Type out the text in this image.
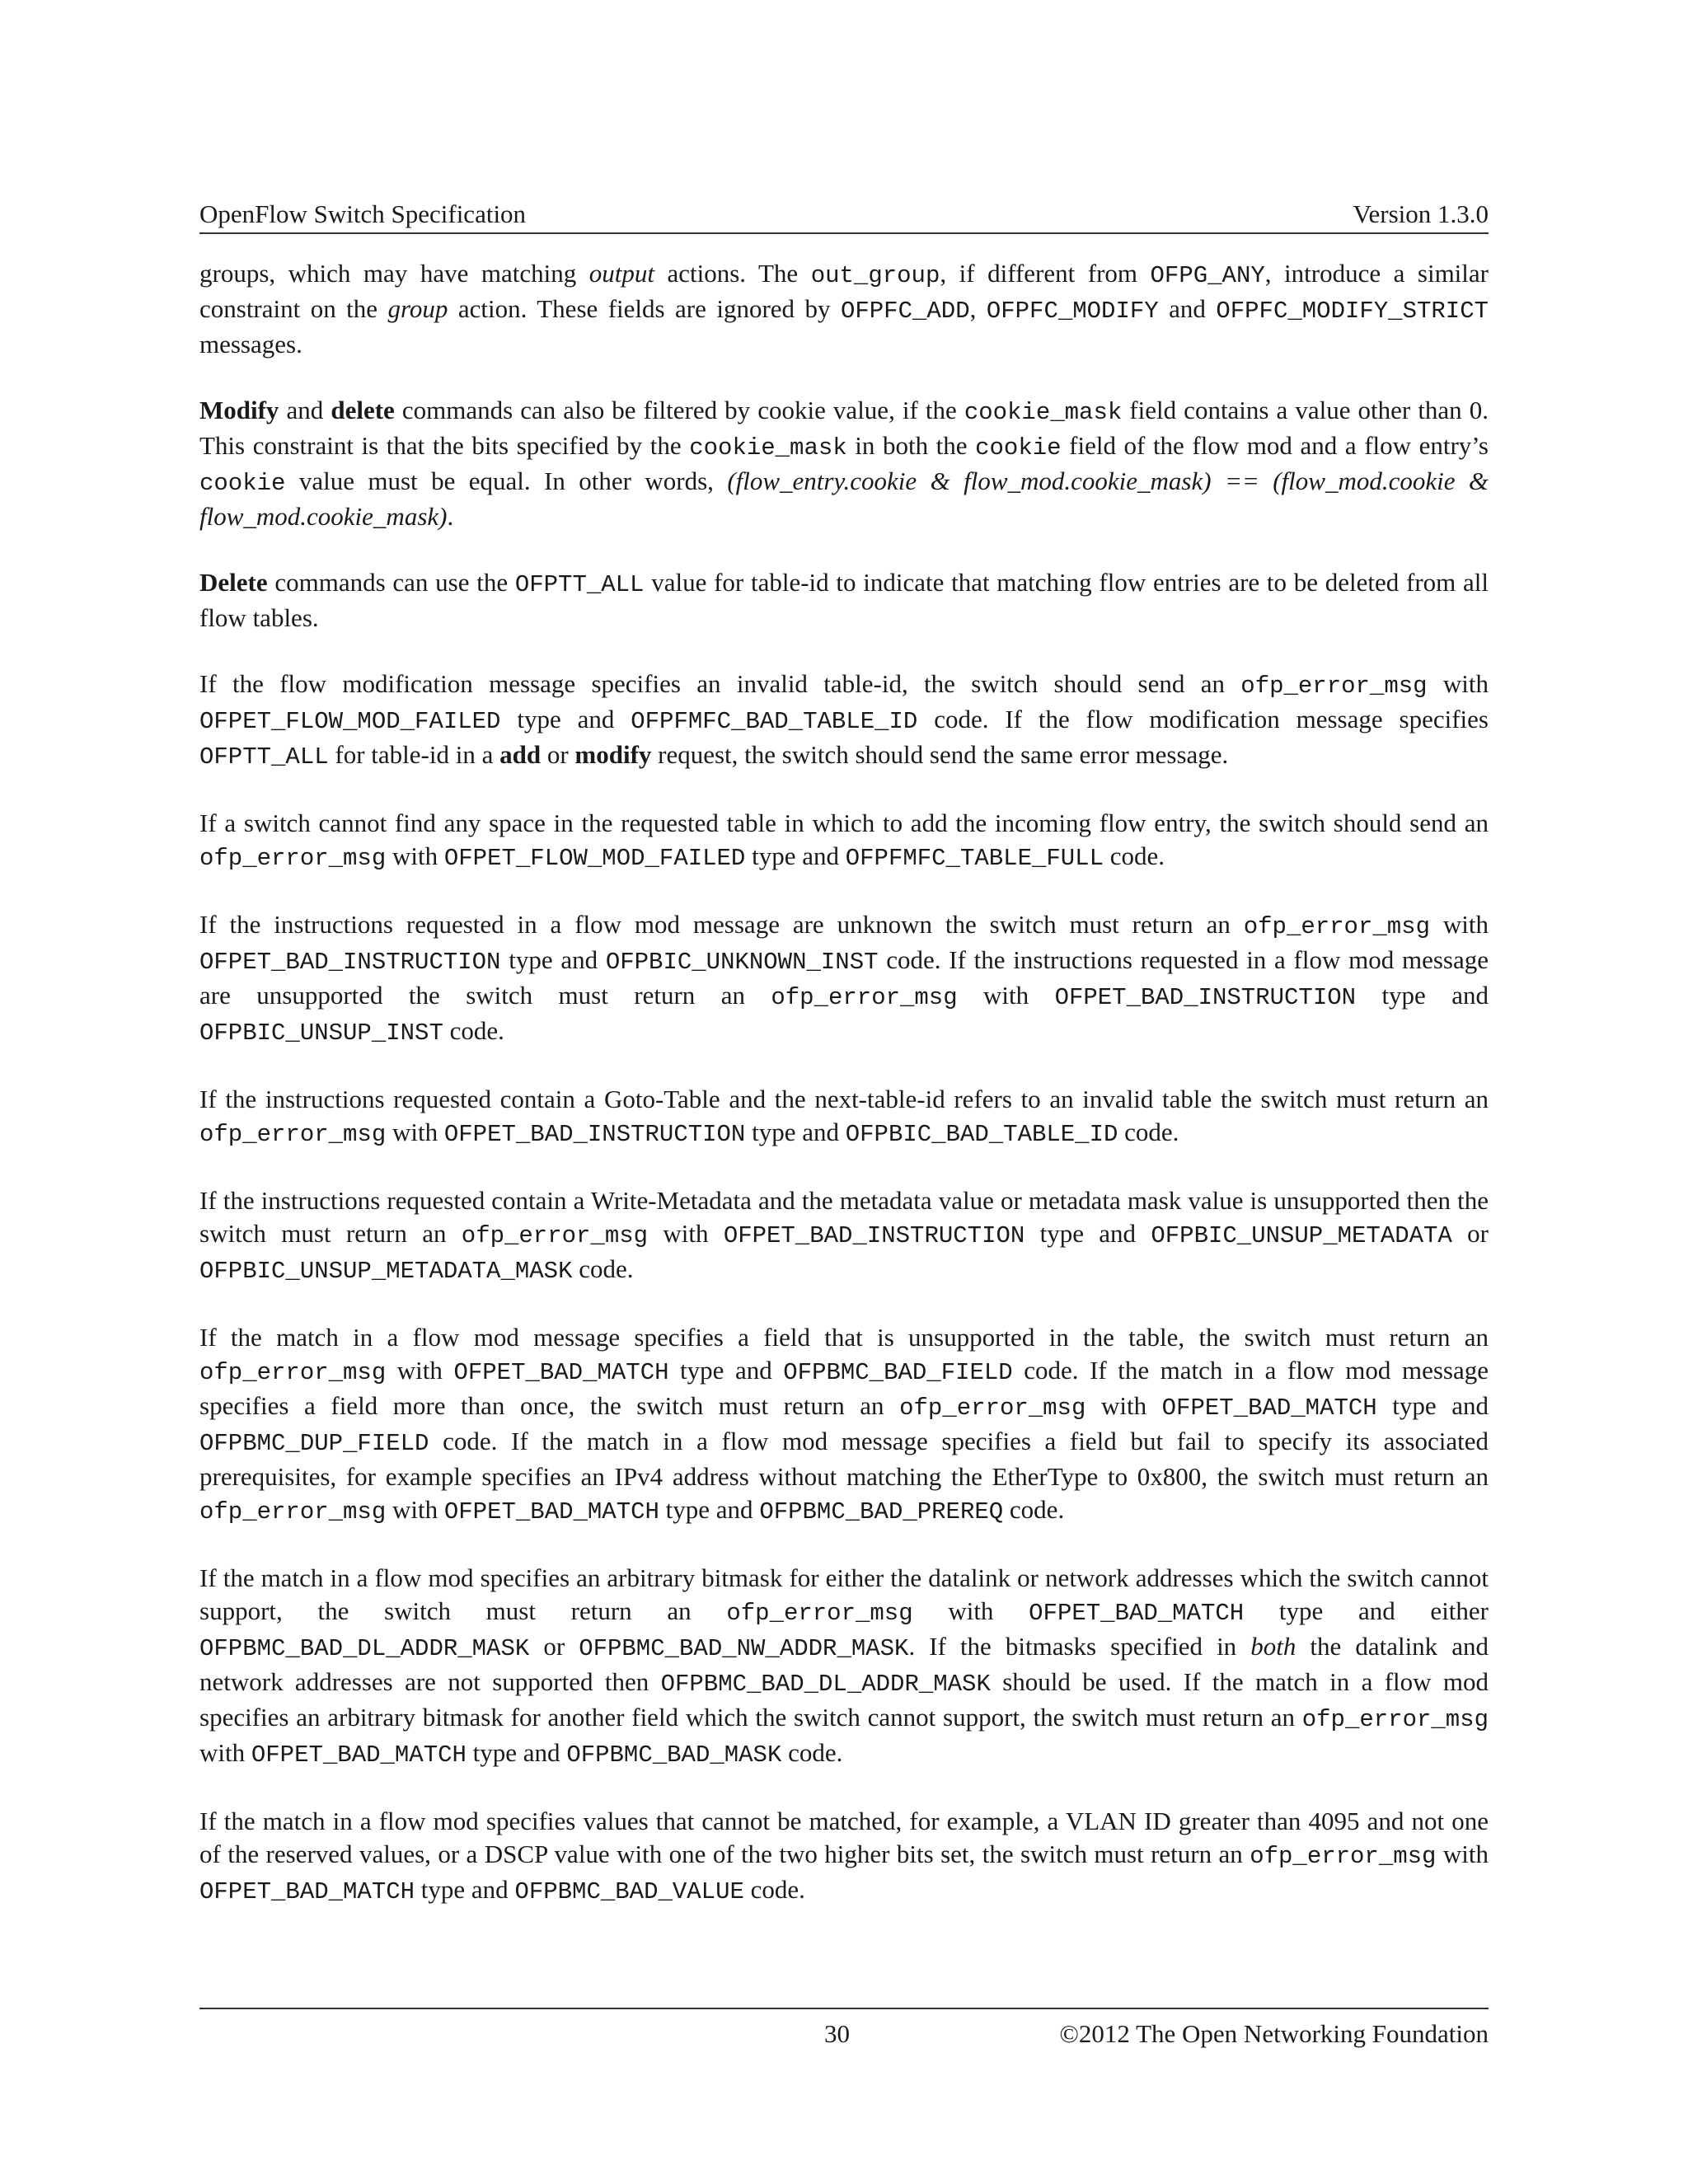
OpenFlow Switch Specification	Version 1.3.0

groups, which may have matching output actions. The out_group, if different from OFPG_ANY, introduce a similar constraint on the group action. These fields are ignored by OFPFC_ADD, OFPFC_MODIFY and OFPFC_MODIFY_STRICT messages.

Modify and delete commands can also be filtered by cookie value, if the cookie_mask field contains a value other than 0. This constraint is that the bits specified by the cookie_mask in both the cookie field of the flow mod and a flow entry’s cookie value must be equal. In other words, (flow_entry.cookie & flow_mod.cookie_mask) == (flow_mod.cookie & flow_mod.cookie_mask).

Delete commands can use the OFPTT_ALL value for table-id to indicate that matching flow entries are to be deleted from all flow tables.

If the flow modification message specifies an invalid table-id, the switch should send an ofp_error_msg with OFPET_FLOW_MOD_FAILED type and OFPFMFC_BAD_TABLE_ID code. If the flow modification message specifies OFPTT_ALL for table-id in a add or modify request, the switch should send the same error message.

If a switch cannot find any space in the requested table in which to add the incoming flow entry, the switch should send an ofp_error_msg with OFPET_FLOW_MOD_FAILED type and OFPFMFC_TABLE_FULL code.

If the instructions requested in a flow mod message are unknown the switch must return an ofp_error_msg with OFPET_BAD_INSTRUCTION type and OFPBIC_UNKNOWN_INST code. If the instructions requested in a flow mod message are unsupported the switch must return an ofp_error_msg with OFPET_BAD_INSTRUCTION type and OFPBIC_UNSUP_INST code.

If the instructions requested contain a Goto-Table and the next-table-id refers to an invalid table the switch must return an ofp_error_msg with OFPET_BAD_INSTRUCTION type and OFPBIC_BAD_TABLE_ID code.

If the instructions requested contain a Write-Metadata and the metadata value or metadata mask value is unsupported then the switch must return an ofp_error_msg with OFPET_BAD_INSTRUCTION type and OFPBIC_UNSUP_METADATA or OFPBIC_UNSUP_METADATA_MASK code.

If the match in a flow mod message specifies a field that is unsupported in the table, the switch must return an ofp_error_msg with OFPET_BAD_MATCH type and OFPBMC_BAD_FIELD code. If the match in a flow mod message specifies a field more than once, the switch must return an ofp_error_msg with OFPET_BAD_MATCH type and OFPBMC_DUP_FIELD code. If the match in a flow mod message specifies a field but fail to specify its associated prerequisites, for example specifies an IPv4 address without matching the EtherType to 0x800, the switch must return an ofp_error_msg with OFPET_BAD_MATCH type and OFPBMC_BAD_PREREQ code.

If the match in a flow mod specifies an arbitrary bitmask for either the datalink or network addresses which the switch cannot support, the switch must return an ofp_error_msg with OFPET_BAD_MATCH type and either OFPBMC_BAD_DL_ADDR_MASK or OFPBMC_BAD_NW_ADDR_MASK. If the bitmasks specified in both the datalink and network addresses are not supported then OFPBMC_BAD_DL_ADDR_MASK should be used. If the match in a flow mod specifies an arbitrary bitmask for another field which the switch cannot support, the switch must return an ofp_error_msg with OFPET_BAD_MATCH type and OFPBMC_BAD_MASK code.

If the match in a flow mod specifies values that cannot be matched, for example, a VLAN ID greater than 4095 and not one of the reserved values, or a DSCP value with one of the two higher bits set, the switch must return an ofp_error_msg with OFPET_BAD_MATCH type and OFPBMC_BAD_VALUE code.

30	©2012 The Open Networking Foundation
